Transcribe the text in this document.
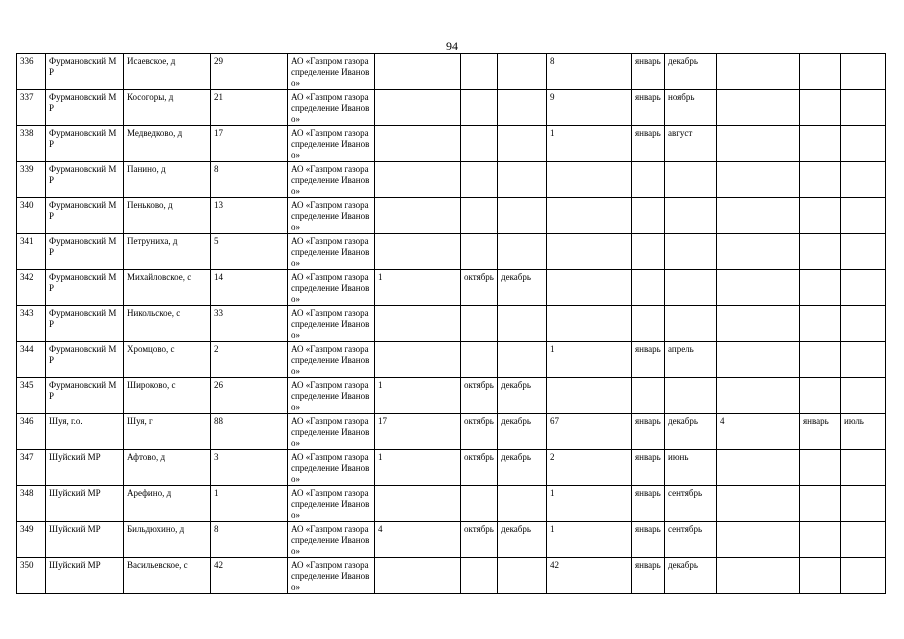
94
336	Фурмановский МР	Исаевское, д	29	АО «Газпром газораспределение Иваново»				8	январь	декабрь			

337	Фурмановский МР	Косогоры, д	21	АО «Газпром газораспределение Иваново»				9	январь	ноябрь			

338	Фурмановский МР	Медведково, д	17	АО «Газпром газораспределение Иваново»				1	январь	август			

339	Фурмановский МР	Панино, д	8	АО «Газпром газораспределение Иваново»									

340	Фурмановский МР	Пеньково, д	13	АО «Газпром газораспределение Иваново»									

341	Фурмановский МР	Петруниха, д	5	АО «Газпром газораспределение Иваново»									

342	Фурмановский МР	Михайловское, с	14	АО «Газпром газораспределение Иваново»	1	октябрь	декабрь						

343	Фурмановский МР	Никольское, с	33	АО «Газпром газораспределение Иваново»									

344	Фурмановский МР	Хромцово, с	2	АО «Газпром газораспределение Иваново»				1	январь	апрель			

345	Фурмановский МР	Широково, с	26	АО «Газпром газораспределение Иваново»	1	октябрь	декабрь						

346	Шуя, г.о.	Шуя, г	88	АО «Газпром газораспределение Иваново»	17	октябрь	декабрь	67	январь	декабрь	4	январь	июль

347	Шуйский МР	Афтово, д	3	АО «Газпром газораспределение Иваново»	1	октябрь	декабрь	2	январь	июнь			

348	Шуйский МР	Арефино, д	1	АО «Газпром газораспределение Иваново»				1	январь	сентябрь			

349	Шуйский МР	Бильдюхино, д	8	АО «Газпром газораспределение Иваново»	4	октябрь	декабрь	1	январь	сентябрь			

350	Шуйский МР	Васильевское, с	42	АО «Газпром газораспределение Иваново»				42	январь	декабрь			
